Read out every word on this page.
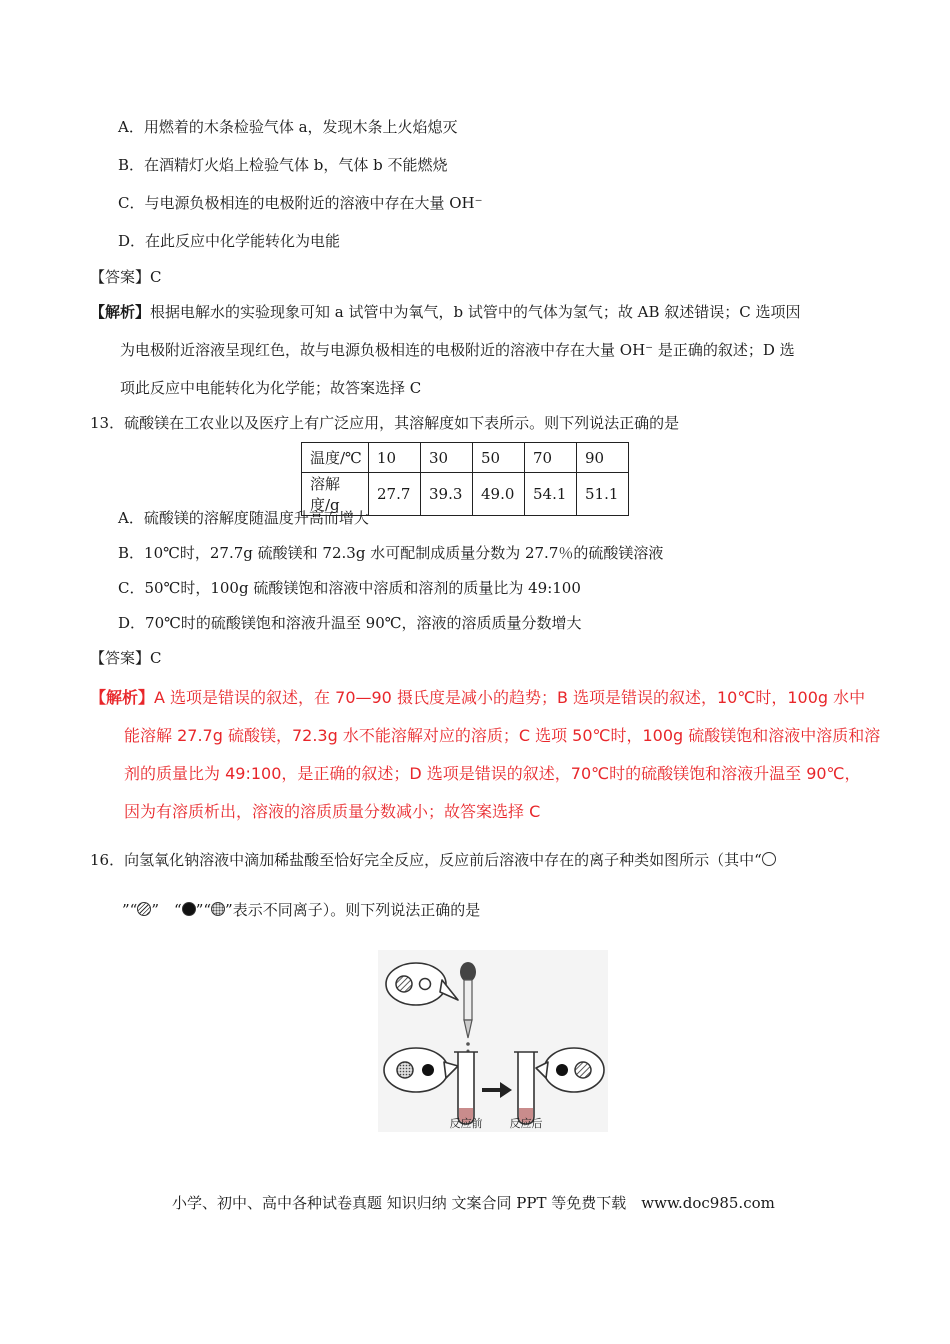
A．用燃着的木条检验气体 a，发现木条上火焰熄灭
B．在酒精灯火焰上检验气体 b，气体 b 不能燃烧
C．与电源负极相连的电极附近的溶液中存在大量 OH⁻
D．在此反应中化学能转化为电能
【答案】C
【解析】根据电解水的实验现象可知 a 试管中为氧气，b 试管中的气体为氢气；故 AB 叙述错误；C 选项因
为电极附近溶液呈现红色，故与电源负极相连的电极附近的溶液中存在大量 OH⁻ 是正确的叙述；D 选
项此反应中电能转化为化学能；故答案选择 C
13．硫酸镁在工农业以及医疗上有广泛应用，其溶解度如下表所示。则下列说法正确的是
温度/℃	10	30	50	70	90
溶解度/g	27.7	39.3	49.0	54.1	51.1
A．硫酸镁的溶解度随温度升高而增大
B．10℃时，27.7g 硫酸镁和 72.3g 水可配制成质量分数为 27.7％的硫酸镁溶液
C．50℃时，100g 硫酸镁饱和溶液中溶质和溶剂的质量比为 49:100
D．70℃时的硫酸镁饱和溶液升温至 90℃，溶液的溶质质量分数增大
【答案】C
【解析】A 选项是错误的叙述，在 70—90 摄氏度是减小的趋势；B 选项是错误的叙述，10℃时，100g 水中
能溶解 27.7g 硫酸镁，72.3g 水不能溶解对应的溶质；C 选项 50℃时，100g 硫酸镁饱和溶液中溶质和溶
剂的质量比为 49:100，是正确的叙述；D 选项是错误的叙述，70℃时的硫酸镁饱和溶液升温至 90℃，
因为有溶质析出，溶液的溶质质量分数减小；故答案选择 C
16．向氢氧化钠溶液中滴加稀盐酸至恰好完全反应，反应前后溶液中存在的离子种类如图所示（其中“
”“ ”　“ ”“ ”表示不同离子）。则下列说法正确的是
反应前 反应后
小学、初中、高中各种试卷真题 知识归纳 文案合同 PPT 等免费下载　www.doc985.com
